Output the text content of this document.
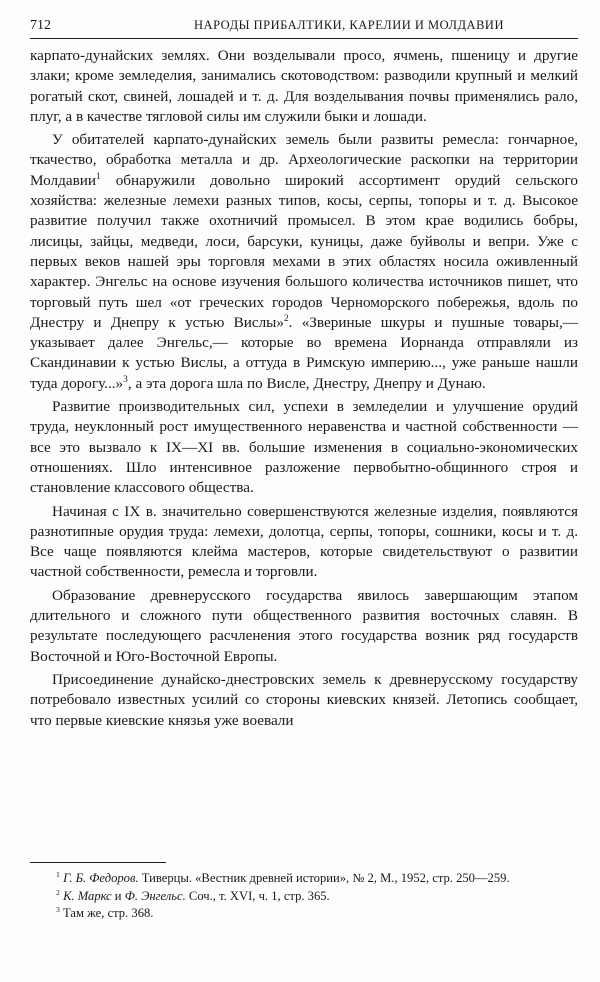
712	НАРОДЫ ПРИБАЛТИКИ, КАРЕЛИИ И МОЛДАВИИ

карпато-дунайских землях. Они возделывали просо, ячмень, пшеницу и другие злаки; кроме земледелия, занимались скотоводством: разводили крупный и мелкий рогатый скот, свиней, лошадей и т. д. Для возделывания почвы применялись рало, плуг, а в качестве тягловой силы им служили быки и лошади.

У обитателей карпато-дунайских земель были развиты ремесла: гончарное, ткачество, обработка металла и др. Археологические раскопки на территории Молдавии$^1$ обнаружили довольно широкий ассортимент орудий сельского хозяйства: железные лемехи разных типов, косы, серпы, топоры и т. д. Высокое развитие получил также охотничий промысел. В этом крае водились бобры, лисицы, зайцы, медведи, лоси, барсуки, куницы, даже буйволы и вепри. Уже с первых веков нашей эры торговля мехами в этих областях носила оживленный характер. Энгельс на основе изучения большого количества источников пишет, что торговый путь шел «от греческих городов Черноморского побережья, вдоль по Днестру и Днепру к устью Вислы»$^2$. «Звериные шкуры и пушные товары,— указывает далее Энгельс,— которые во времена Иорнанда отправляли из Скандинавии к устью Вислы, а оттуда в Римскую империю..., уже раньше нашли туда дорогу...»$^3$, а эта дорога шла по Висле, Днестру, Днепру и Дунаю.

Развитие производительных сил, успехи в земледелии и улучшение орудий труда, неуклонный рост имущественного неравенства и частной собственности — все это вызвало к IX—XI вв. большие изменения в социально-экономических отношениях. Шло интенсивное разложение первобытно-общинного строя и становление классового общества.

Начиная с IX в. значительно совершенствуются железные изделия, появляются разнотипные орудия труда: лемехи, долотца, серпы, топоры, сошники, косы и т. д. Все чаще появляются клейма мастеров, которые свидетельствуют о развитии частной собственности, ремесла и торговли.

Образование древнерусского государства явилось завершающим этапом длительного и сложного пути общественного развития восточных славян. В результате последующего расчленения этого государства возник ряд государств Восточной и Юго-Восточной Европы.

Присоединение дунайско-днестровских земель к древнерусскому государству потребовало известных усилий со стороны киевских князей. Летопись сообщает, что первые киевские князья уже воевали

$^1$ Г. Б. Федоров. Тиверцы. «Вестник древней истории», № 2, М., 1952, стр. 250—259.

$^2$ К. Маркс и Ф. Энгельс. Соч., т. XVI, ч. 1, стр. 365.

$^3$ Там же, стр. 368.
